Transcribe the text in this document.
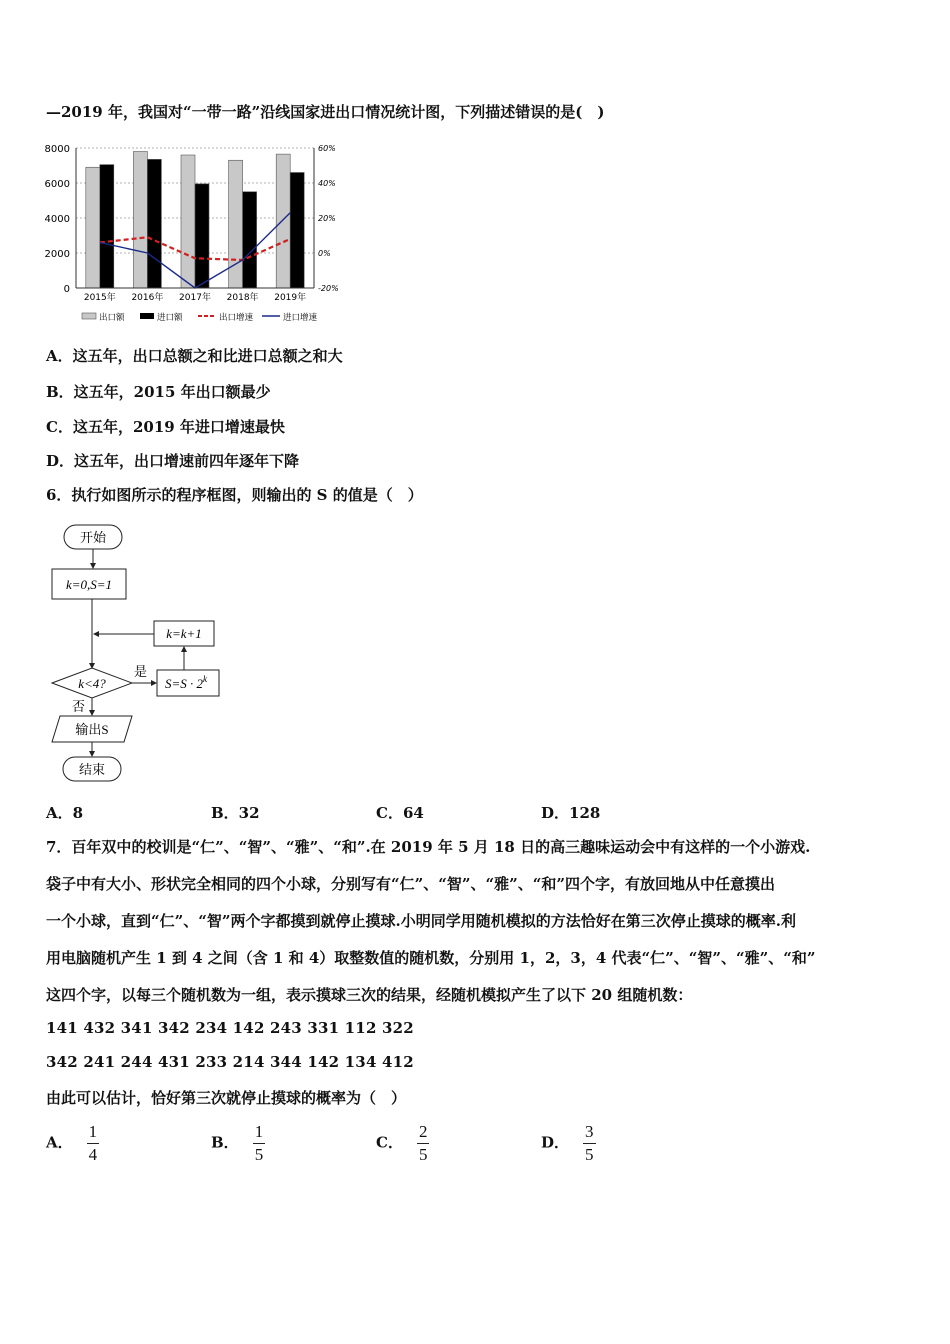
—2019 年，我国对“一带一路”沿线国家进出口情况统计图，下列描述错误的是(　)
0
2000
4000
6000
8000
-20%
0%
20%
40%
60%
2015年 2016年 2017年 2018年 2019年
出口额	进口额	出口增速	进口增速
A．这五年，出口总额之和比进口总额之和大
B．这五年，2015 年出口额最少
C．这五年，2019 年进口增速最快
D．这五年，出口增速前四年逐年下降
6．执行如图所示的程序框图，则输出的 S 的值是（　）
开始
k=0,S=1
k=k+1
k<4?
是
$S=S \cdot 2^k$
否
输出S
结束
A．8	B．32	C．64	D．128
7．百年双中的校训是“仁”、“智”、“雅”、“和”.在 2019 年 5 月 18 日的高三趣味运动会中有这样的一个小游戏.
袋子中有大小、形状完全相同的四个小球，分别写有“仁”、“智”、“雅”、“和”四个字，有放回地从中任意摸出
一个小球，直到“仁”、“智”两个字都摸到就停止摸球.小明同学用随机模拟的方法恰好在第三次停止摸球的概率.利
用电脑随机产生 1 到 4 之间（含 1 和 4）取整数值的随机数，分别用 1，2，3，4 代表“仁”、“智”、“雅”、“和”
这四个字，以每三个随机数为一组，表示摸球三次的结果，经随机模拟产生了以下 20 组随机数：
141 432 341 342 234 142 243 331 112 322
342 241 244 431 233 214 344 142 134 412
由此可以估计，恰好第三次就停止摸球的概率为（　）
A． $\frac{1}{4}$	B． $\frac{1}{5}$	C． $\frac{2}{5}$	D． $\frac{3}{5}$
